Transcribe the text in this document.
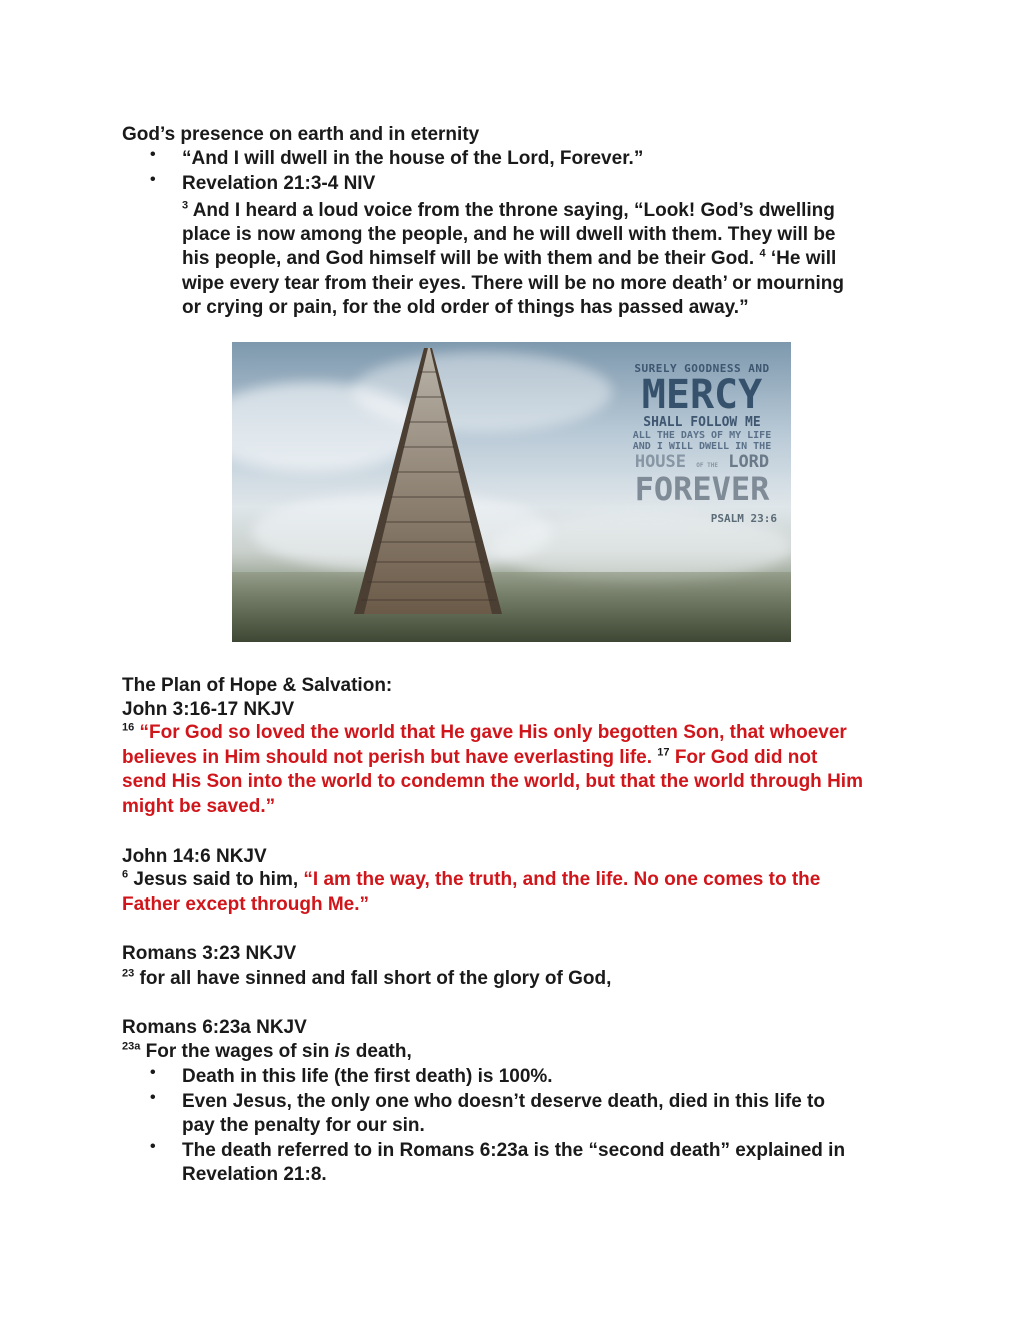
God’s presence on earth and in eternity
• “And I will dwell in the house of the Lord, Forever.”
• Revelation 21:3-4 NIV
$^3$ And I heard a loud voice from the throne saying, “Look! God’s dwelling
place is now among the people, and he will dwell with them. They will be
his people, and God himself will be with them and be their God. $^4$ ‘He will
wipe every tear from their eyes. There will be no more death’ or mourning
or crying or pain, for the old order of things has passed away.”
SURELY GOODNESS AND
MERCY
SHALL FOLLOW ME
ALL THE DAYS OF MY LIFE
AND I WILL DWELL IN THE
HOUSE OF THE LORD
FOREVER
PSALM 23:6
The Plan of Hope & Salvation:
John 3:16-17 NKJV
$^{16}$ “For God so loved the world that He gave His only begotten Son, that whoever
believes in Him should not perish but have everlasting life. $^{17}$ For God did not
send His Son into the world to condemn the world, but that the world through Him
might be saved.”
John 14:6 NKJV
$^6$ Jesus said to him, “I am the way, the truth, and the life. No one comes to the
Father except through Me.”
Romans 3:23 NKJV
$^{23}$ for all have sinned and fall short of the glory of God,
Romans 6:23a NKJV
$^{23a}$ For the wages of sin is death,
• Death in this life (the first death) is 100%.
• Even Jesus, the only one who doesn’t deserve death, died in this life to
pay the penalty for our sin.
• The death referred to in Romans 6:23a is the “second death” explained in
Revelation 21:8.
